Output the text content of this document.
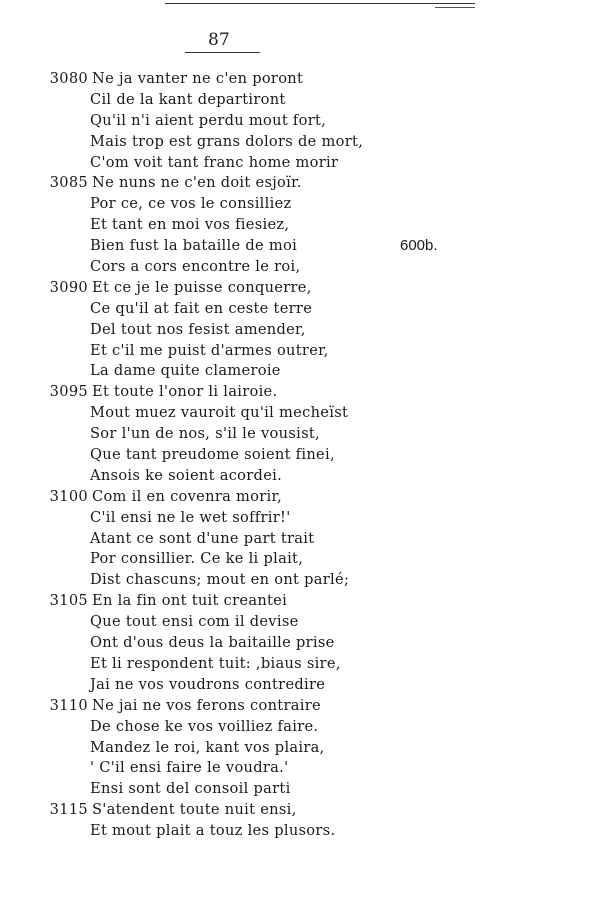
87
3080 Ne ja vanter ne c'en poront
Cil de la kant departiront
Qu'il n'i aient perdu mout fort,
Mais trop est grans dolors de mort,
C'om voit tant franc home morir
3085 Ne nuns ne c'en doit esjoïr.
Por ce, ce vos le consilliez
Et tant en moi vos fiesiez,
Bien fust la bataille de moi
Cors a cors encontre le roi,
3090 Et ce je le puisse conquerre,
Ce qu'il at fait en ceste terre
Del tout nos fesist amender,
Et c'il me puist d'armes outrer,
La dame quite clameroie
3095 Et toute l'onor li lairoie.
Mout muez vauroit qu'il mecheïst
Sor l'un de nos, s'il le vousist,
Que tant preudome soient finei,
Ansois ke soient acordei.
3100 Com il en covenra morir,
C'il ensi ne le wet soffrir!'
Atant ce sont d'une part trait
Por consillier. Ce ke li plait,
Dist chascuns; mout en ont parlé;
3105 En la fin ont tuit creantei
Que tout ensi com il devise
Ont d'ous deus la baitaille prise
Et li respondent tuit: ,biaus sire,
Jai ne vos voudrons contredire
3110 Ne jai ne vos ferons contraire
De chose ke vos voilliez faire.
Mandez le roi, kant vos plaira,
' C'il ensi faire le voudra.'
Ensi sont del consoil parti
3115 S'atendent toute nuit ensi,
Et mout plait a touz les plusors.
600b.
